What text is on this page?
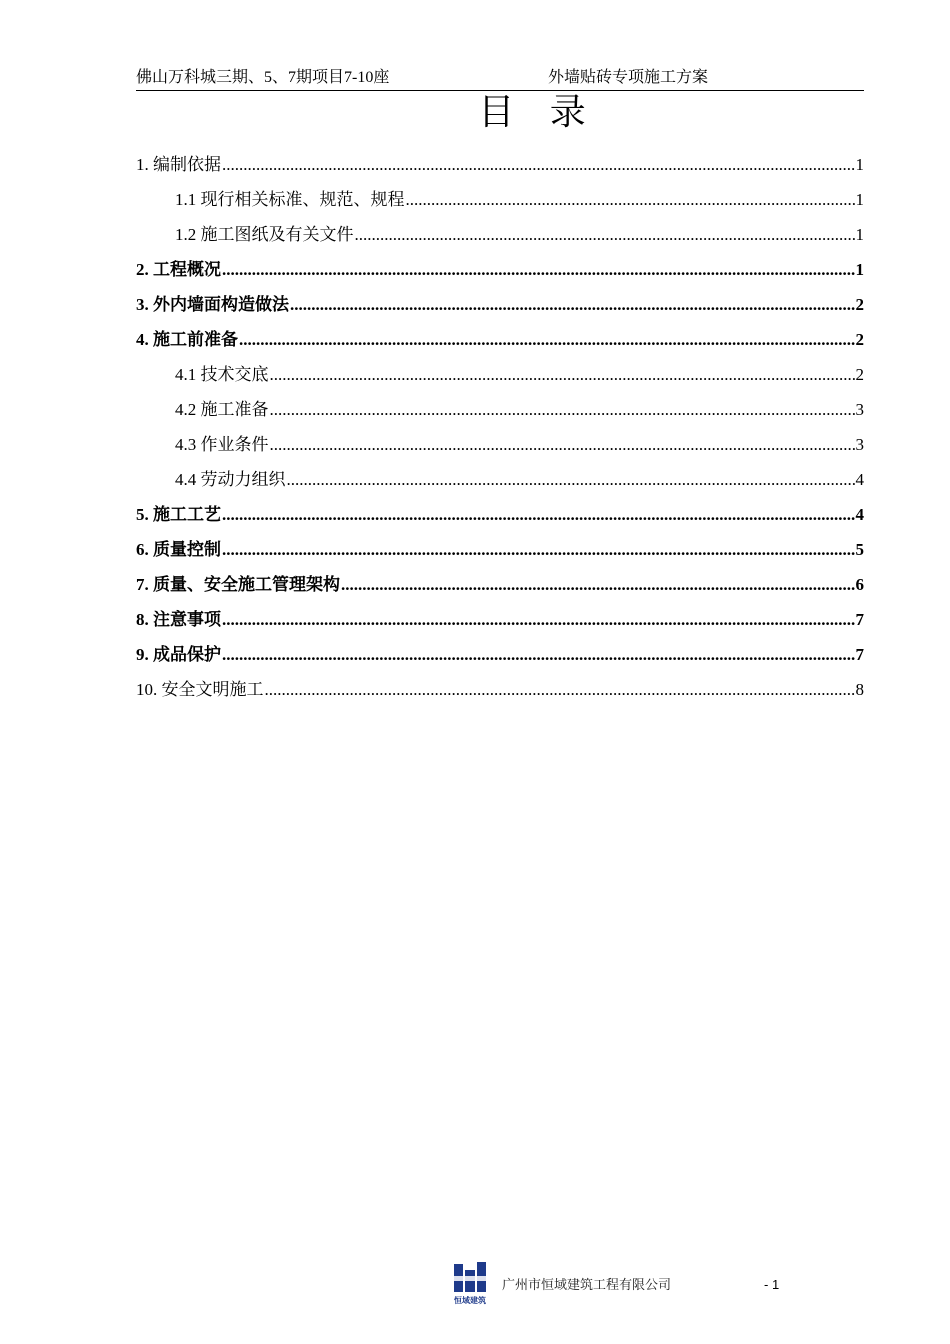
佛山万科城三期、5、7期项目7-10座	外墙贴砖专项施工方案
目 录
1. 编制依据 .....	1
1.1 现行相关标准、规范、规程 .....	1
1.2 施工图纸及有关文件 .....	1
2. 工程概况 .....	1
3. 外内墙面构造做法 .....	2
4. 施工前准备 .....	2
4.1 技术交底 .....	2
4.2 施工准备 .....	3
4.3 作业条件 .....	3
4.4 劳动力组织 .....	4
5. 施工工艺 .....	4
6. 质量控制 .....	5
7. 质量、安全施工管理架构 .....	6
8. 注意事项 .....	7
9. 成品保护 .....	7
10. 安全文明施工 .....	8
恒域建筑
广州市恒域建筑工程有限公司	- 1
